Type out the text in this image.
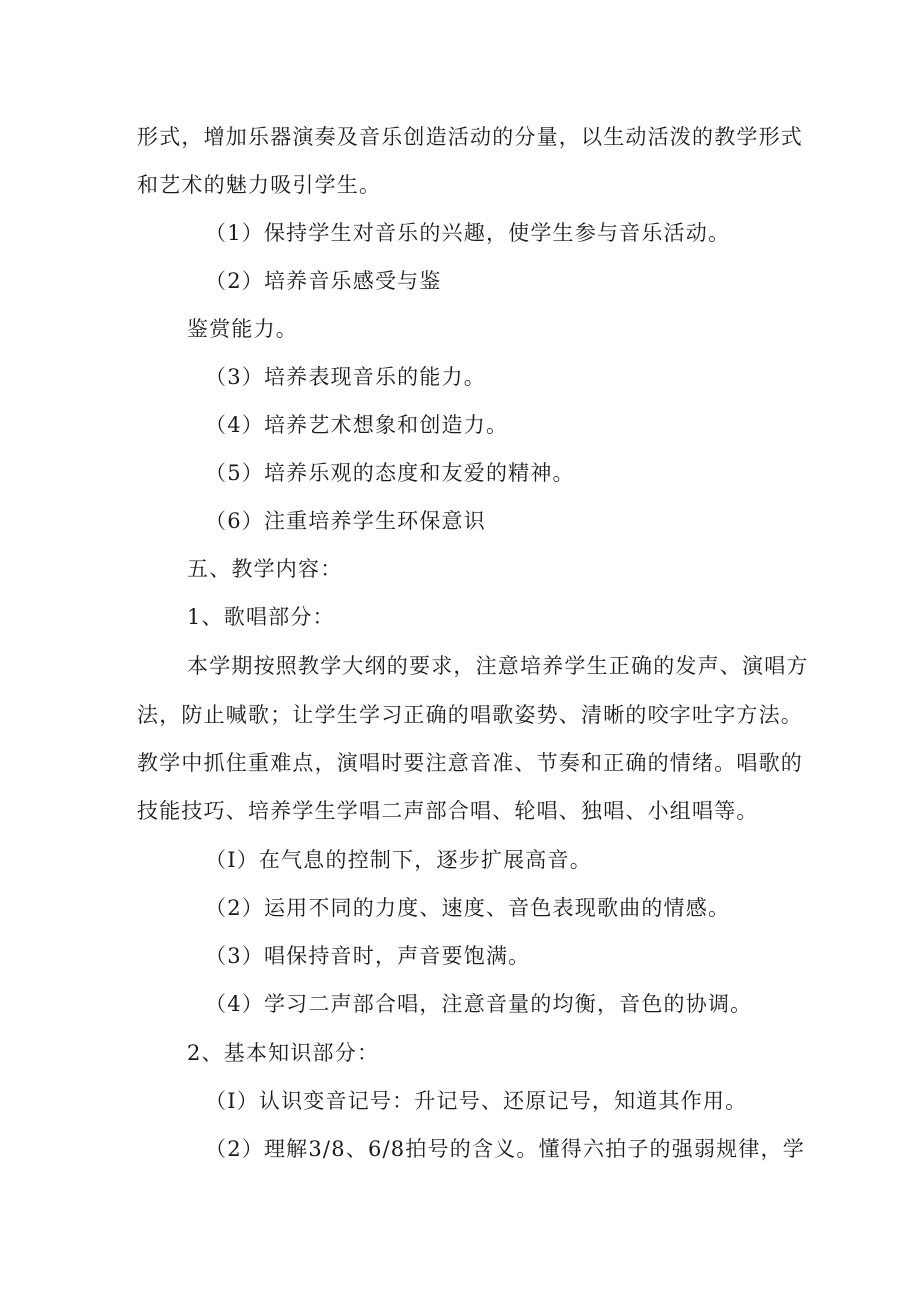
形式，增加乐器演奏及音乐创造活动的分量，以生动活泼的教学形式
和艺术的魅力吸引学生。
（1）保持学生对音乐的兴趣，使学生参与音乐活动。
（2）培养音乐感受与鉴
鉴赏能力。
（3）培养表现音乐的能力。
（4）培养艺术想象和创造力。
（5）培养乐观的态度和友爱的精神。
（6）注重培养学生环保意识
五、教学内容：
1、歌唱部分：
本学期按照教学大纲的要求，注意培养学生正确的发声、演唱方
法，防止喊歌；让学生学习正确的唱歌姿势、清晰的咬字吐字方法。
教学中抓住重难点，演唱时要注意音准、节奏和正确的情绪。唱歌的
技能技巧、培养学生学唱二声部合唱、轮唱、独唱、小组唱等。
（I）在气息的控制下，逐步扩展高音。
（2）运用不同的力度、速度、音色表现歌曲的情感。
（3）唱保持音时，声音要饱满。
（4）学习二声部合唱，注意音量的均衡，音色的协调。
2、基本知识部分：
（I）认识变音记号：升记号、还原记号，知道其作用。
（2）理解3/8、6/8拍号的含义。懂得六拍子的强弱规律，学
